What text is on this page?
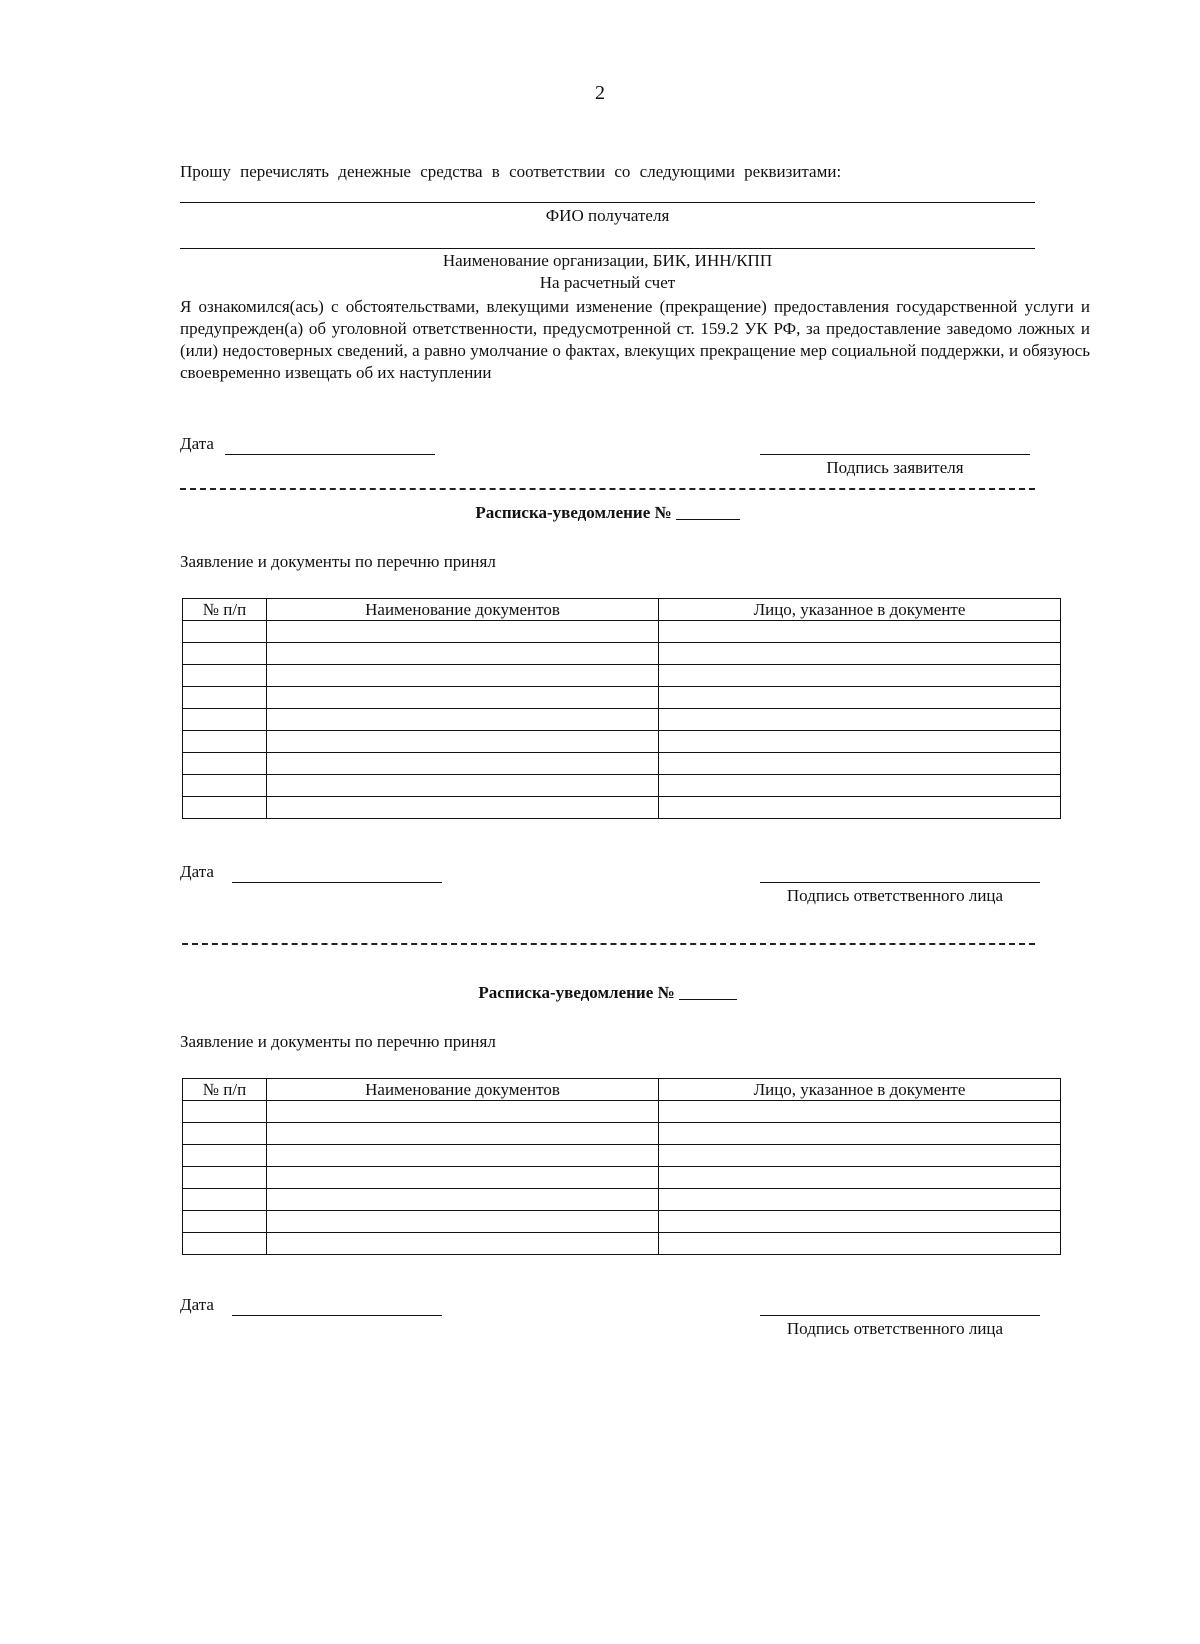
2
Прошу перечислять денежные средства в соответствии со следующими реквизитами:
ФИО получателя
Наименование организации, БИК, ИНН/КПП
На расчетный счет
Я ознакомился(ась) с обстоятельствами, влекущими изменение (прекращение) предоставления государственной услуги и предупрежден(а) об уголовной ответственности, предусмотренной ст. 159.2 УК РФ, за предоставление заведомо ложных и (или) недостоверных сведений, а равно умолчание о фактах, влекущих прекращение мер социальной поддержки, и обязуюсь своевременно извещать об их наступлении
Дата
Подпись заявителя
Расписка-уведомление №
Заявление и документы по перечню принял
№ п/п	Наименование документов	Лицо, указанное в документе

Дата
Подпись ответственного лица
Расписка-уведомление №
Заявление и документы по перечню принял
№ п/п	Наименование документов	Лицо, указанное в документе

Дата
Подпись ответственного лица
